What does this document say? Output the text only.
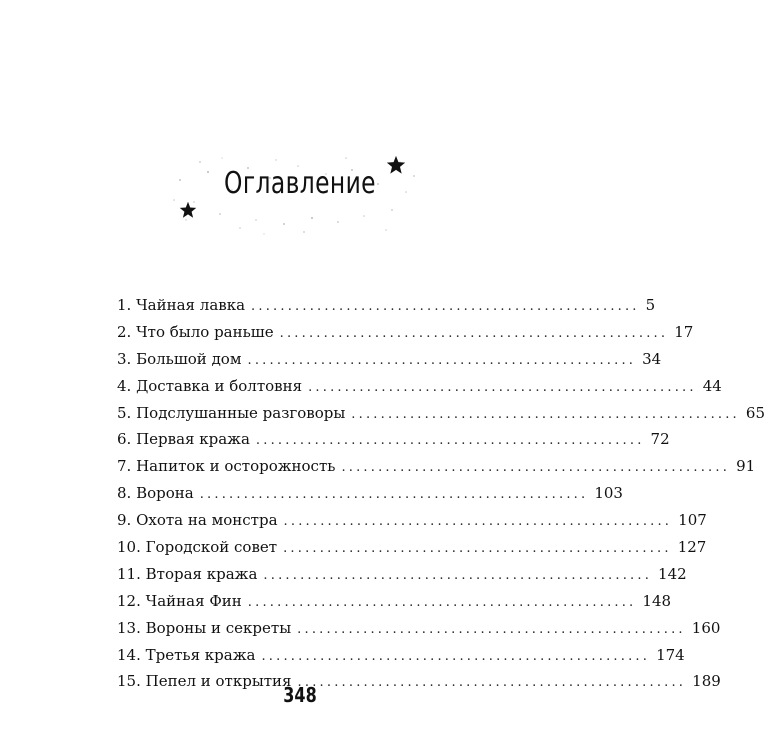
Оглавление
1. Чайная лавка ..................................................... 5
2. Что было раньше ..................................................... 17
3. Большой дом ..................................................... 34
4. Доставка и болтовня ..................................................... 44
5. Подслушанные разговоры ..................................................... 65
6. Первая кража ..................................................... 72
7. Напиток и осторожность ..................................................... 91
8. Ворона ..................................................... 103
9. Охота на монстра ..................................................... 107
10. Городской совет ..................................................... 127
11. Вторая кража ..................................................... 142
12. Чайная Фин ..................................................... 148
13. Вороны и секреты ..................................................... 160
14. Третья кража ..................................................... 174
15. Пепел и открытия ..................................................... 189
348
